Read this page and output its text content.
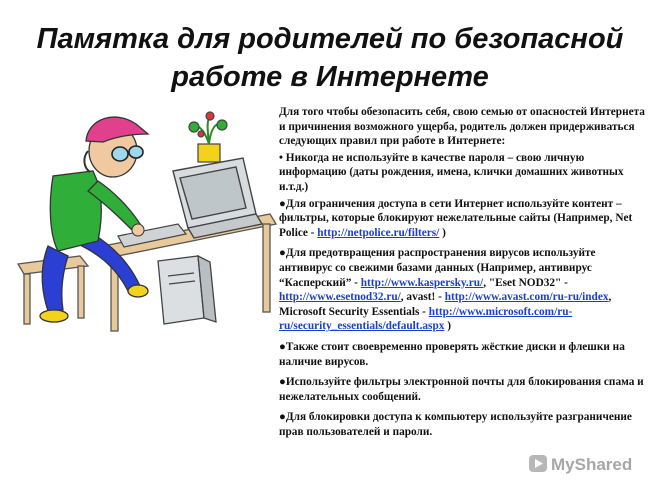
Памятка для родителей по безопасной
работе в Интернете

Для того чтобы обезопасить себя, свою семью от опасностей Интернета и причинения возможного ущерба, родитель должен придерживаться следующих правил при работе в Интернете:

• Никогда не используйте в качестве пароля – свою личную информацию (даты рождения, имена, клички домашних животных и.т.д.)

●Для ограничения доступа в сети Интернет используйте контент – фильтры, которые блокируют нежелательные сайты (Например, Net Police - http://netpolice.ru/filters/ )

●Для предотвращения распространения вирусов используйте антивирус со свежими базами данных (Например, антивирус “Касперский” - http://www.kaspersky.ru/, "Eset NOD32" - http://www.esetnod32.ru/, avast! - http://www.avast.com/ru-ru/index, Microsoft Security Essentials - http://www.microsoft.com/ru-ru/security_essentials/default.aspx )

●Также стоит своевременно проверять жёсткие диски и флешки на наличие вирусов.

●Используйте фильтры электронной почты для блокирования спама и нежелательных сообщений.

●Для блокировки доступа к компьютеру используйте разграничение прав пользователей и пароли.

MyShared
